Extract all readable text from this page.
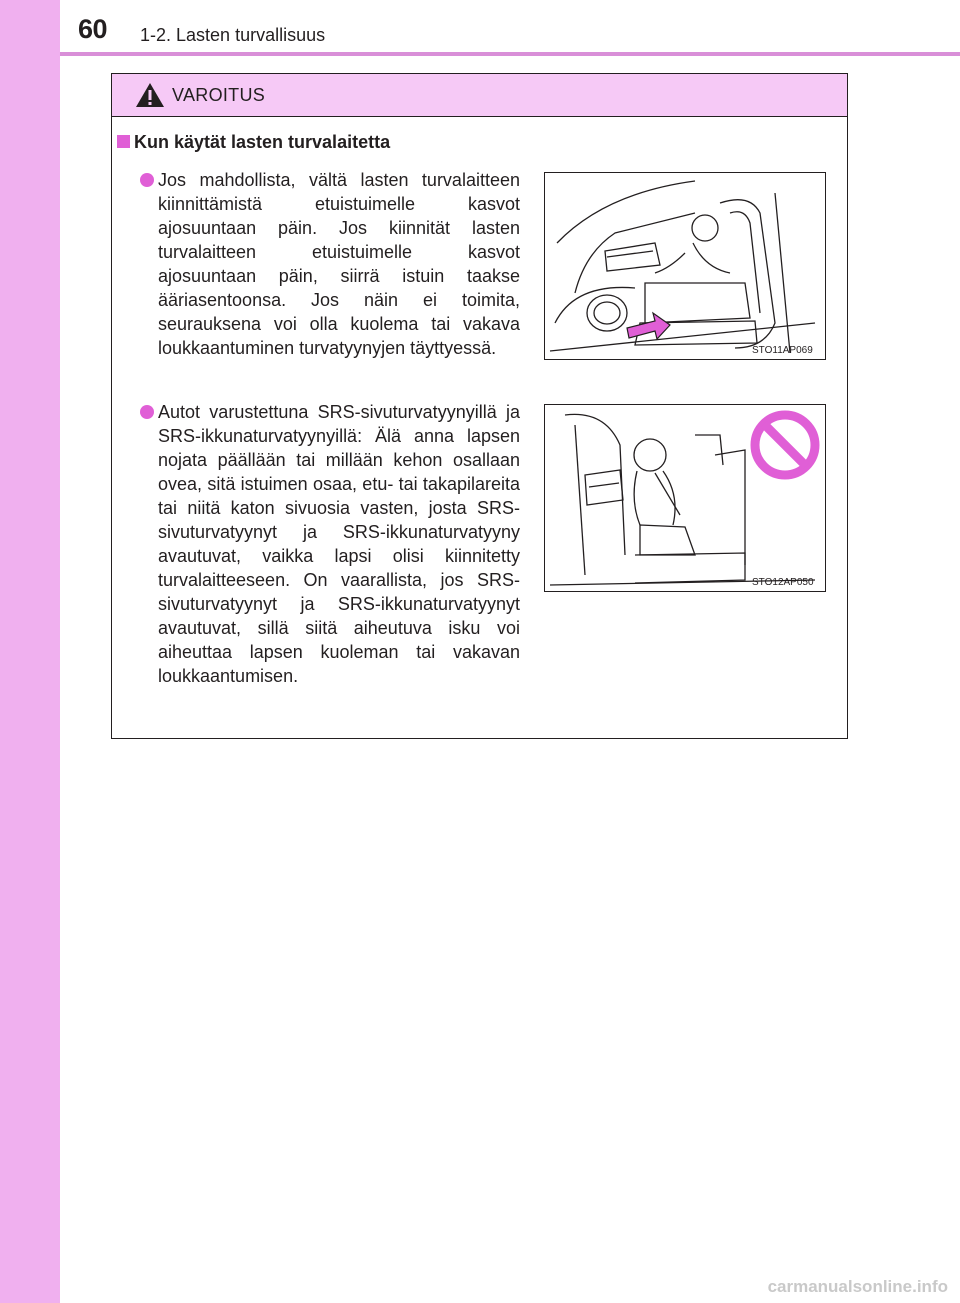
60 1-2. Lasten turvallisuus
VAROITUS
Kun käytät lasten turvalaitetta
Jos mahdollista, vältä lasten turvalaitteen kiinnittämistä etuistuimelle kasvot ajosuuntaan päin. Jos kiinnität lasten turvalaitteen etuistuimelle kasvot ajosuuntaan päin, siirrä istuin taakse ääriasentoonsa. Jos näin ei toimita, seurauksena voi olla kuolema tai vakava loukkaantuminen turvatyynyjen täyttyessä.	STO11AP069
Autot varustettuna SRS-sivuturvatyynyillä ja SRS-ikkunaturvatyynyillä: Älä anna lapsen nojata päällään tai millään kehon osallaan ovea, sitä istuimen osaa, etu- tai takapilareita tai niitä katon sivuosia vasten, josta SRS-sivuturvatyynyt ja SRS-ikkunaturvatyyny avautuvat, vaikka lapsi olisi kiinnitetty turvalaitteeseen. On vaarallista, jos SRS-sivuturvatyynyt ja SRS-ikkunaturvatyynyt avautuvat, sillä siitä aiheutuva isku voi aiheuttaa lapsen kuoleman tai vakavan loukkaantumisen.
STO12AP050
carmanualsonline.info
